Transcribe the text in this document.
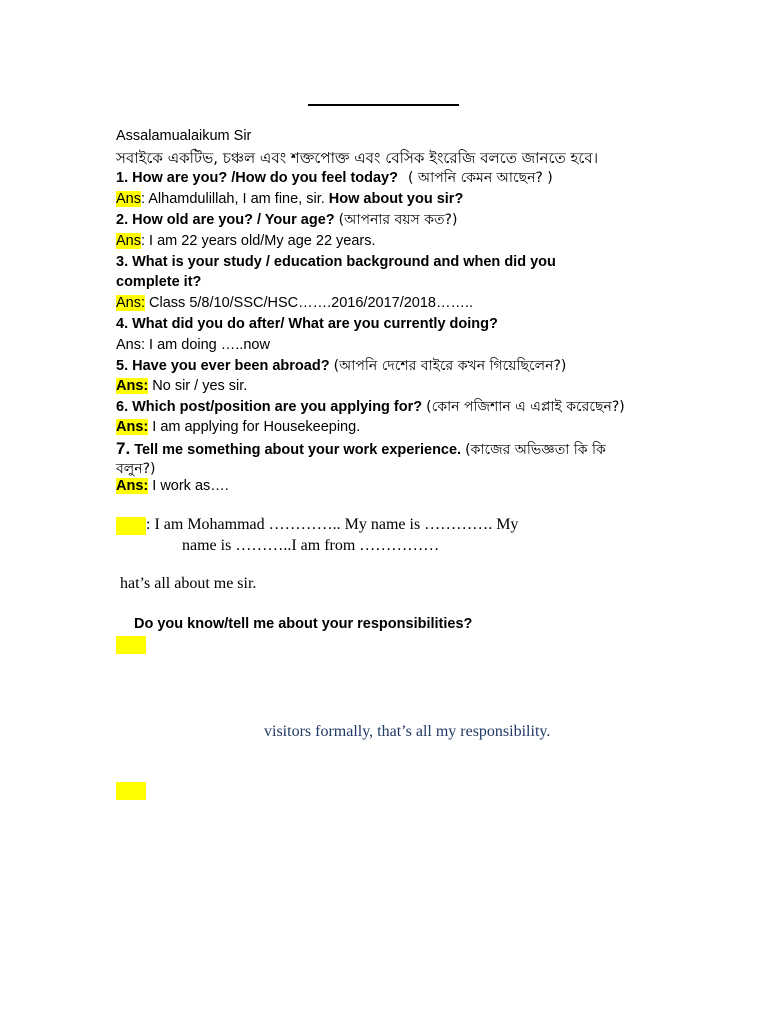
Assalamualaikum Sir
সবাইকে একটিভ, চঞ্চল এবং শক্তপোক্ত এবং বেসিক ইংরেজি বলতে জানতে হবে।
1. How are you? /How do you feel today? ( আপনি কেমন আছেন? )
Ans: Alhamdulillah, I am fine, sir. How about you sir?
2. How old are you? / Your age? (আপনার বয়স কত?)
Ans: I am 22 years old/My age 22 years.
3. What is your study / education background and when did you
complete it?
Ans: Class 5/8/10/SSC/HSC…….2016/2017/2018……..
4. What did you do after/ What are you currently doing?
Ans: I am doing …..now
5. Have you ever been abroad? (আপনি দেশের বাইরে কখন গিয়েছিলেন?)
Ans: No sir / yes sir.
6. Which post/position are you applying for? (কোন পজিশান এ এপ্লাই করেছেন?)
Ans: I am applying for Housekeeping.
7. Tell me something about your work experience. (কাজের অভিজ্ঞতা কি কি
বলুন?)
Ans: I work as….
: I am Mohammad ………….. My name is …………. My
name is ………..I am from ……………
hat’s all about me sir.
Do you know/tell me about your responsibilities?
visitors formally, that’s all my responsibility.
